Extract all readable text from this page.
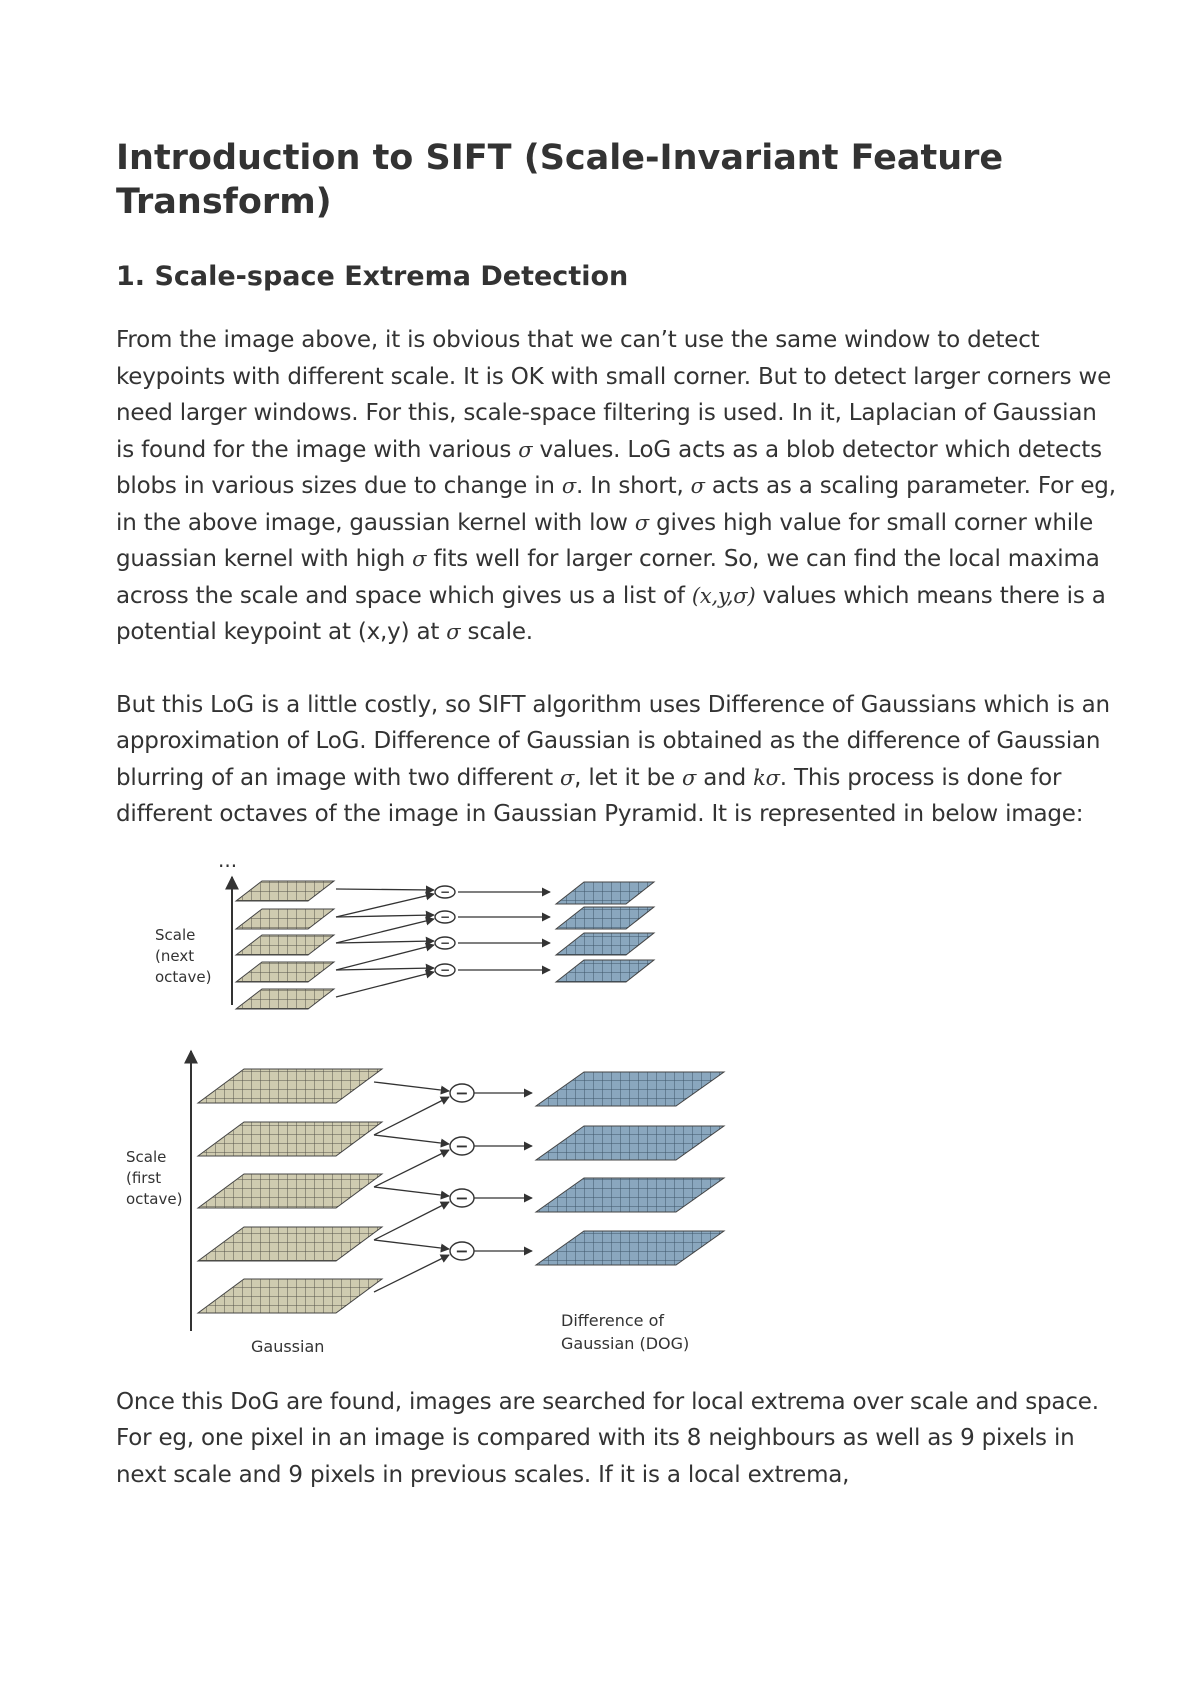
Introduction to SIFT (Scale-Invariant Feature Transform)
1. Scale-space Extrema Detection

From the image above, it is obvious that we can’t use the same window to detect keypoints with different scale. It is OK with small corner. But to detect larger corners we need larger windows. For this, scale-space filtering is used. In it, Laplacian of Gaussian is found for the image with various σ values. LoG acts as a blob detector which detects blobs in various sizes due to change in σ. In short, σ acts as a scaling parameter. For eg, in the above image, gaussian kernel with low σ gives high value for small corner while guassian kernel with high σ fits well for larger corner. So, we can find the local maxima across the scale and space which gives us a list of (x,y,σ) values which means there is a potential keypoint at (x,y) at σ scale.

But this LoG is a little costly, so SIFT algorithm uses Difference of Gaussians which is an approximation of LoG. Difference of Gaussian is obtained as the difference of Gaussian blurring of an image with two different σ, let it be σ and kσ. This process is done for different octaves of the image in Gaussian Pyramid. It is represented in below image:

...
Scale
(next
octave)
Scale
(first
octave)
Gaussian
Difference of
Gaussian (DOG)
−
−
−
−
−
−
−
−

Once this DoG are found, images are searched for local extrema over scale and space. For eg, one pixel in an image is compared with its 8 neighbours as well as 9 pixels in next scale and 9 pixels in previous scales. If it is a local extrema,
